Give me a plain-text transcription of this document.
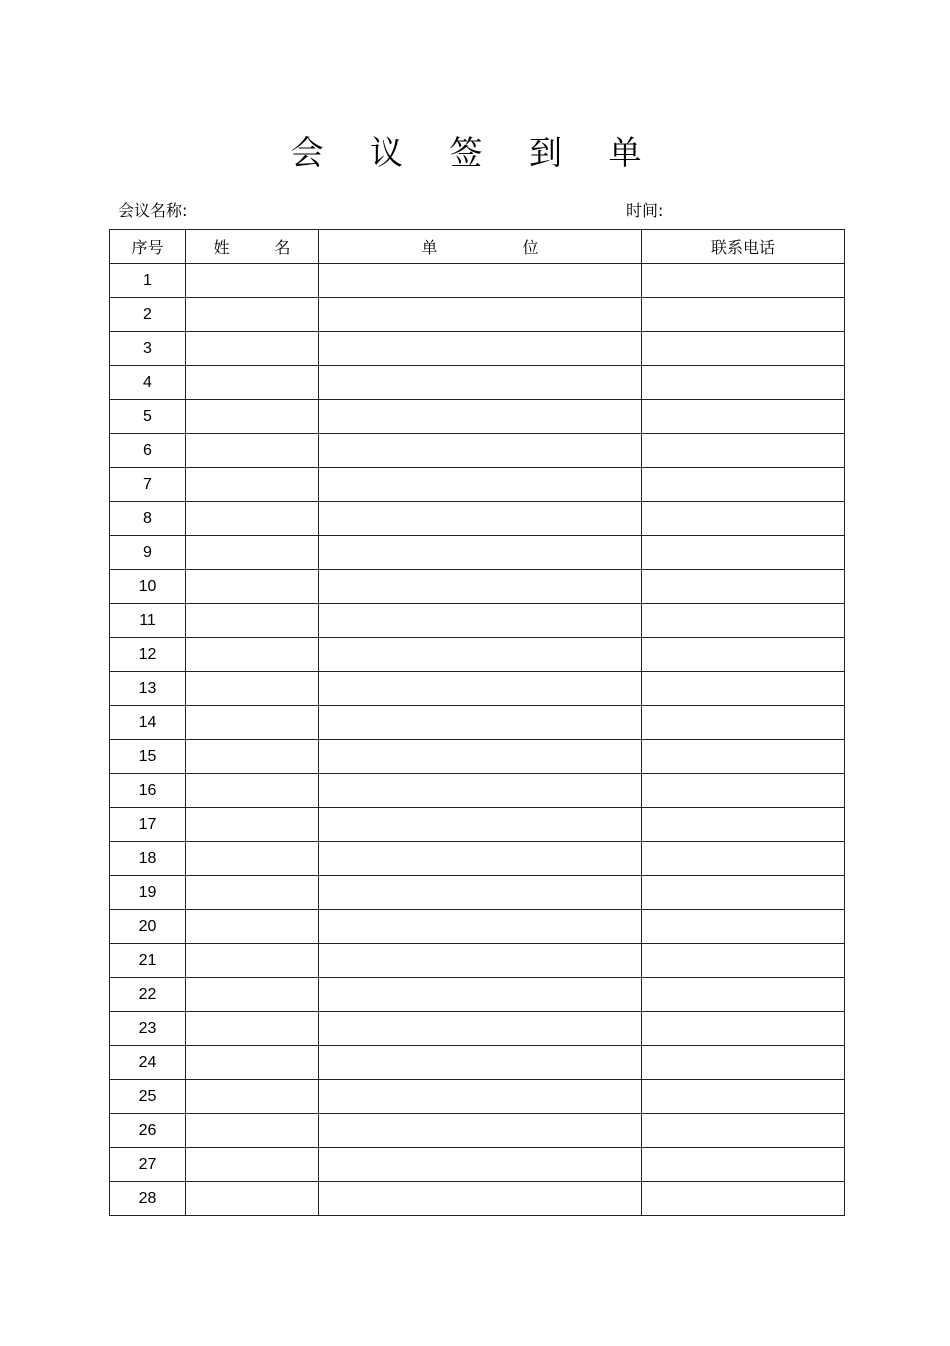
会 议 签 到 单
会议名称:	时间:
序号	姓 名	单 位	联系电话
1			
2			
3			
4			
5			
6			
7			
8			
9			
10			
11			
12			
13			
14			
15			
16			
17			
18			
19			
20			
21			
22			
23			
24			
25			
26			
27			
28			
